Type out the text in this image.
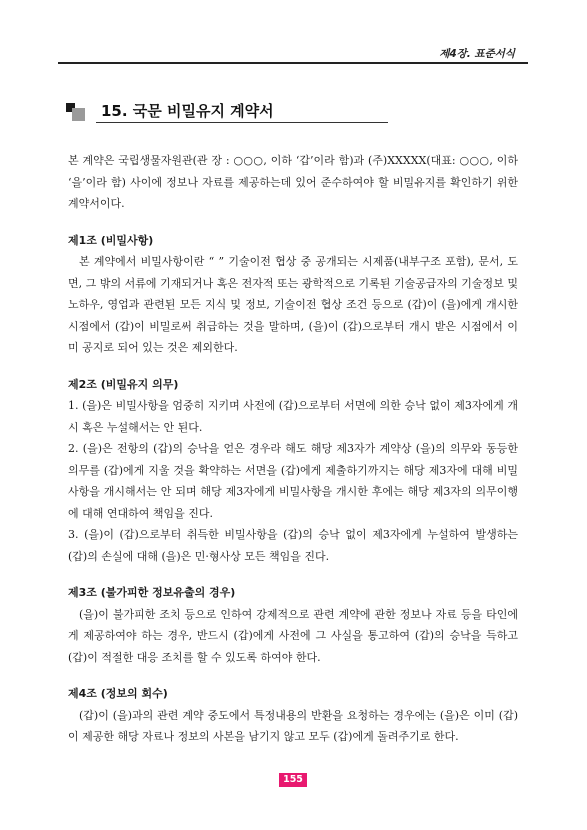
제4장. 표준서식
15. 국문 비밀유지 계약서

본 계약은 국립생물자원관(관 장 : ○○○, 이하 ‘갑’이라 함)과 (주)XXXXX(대표: ○○○, 이하 ‘을’이라 함) 사이에 정보나 자료를 제공하는데 있어 준수하여야 할 비밀유지를 확인하기 위한 계약서이다.

제1조 (비밀사항)

본 계약에서 비밀사항이란 “ ” 기술이전 협상 중 공개되는 시제품(내부구조 포함), 문서, 도면, 그 밖의 서류에 기재되거나 혹은 전자적 또는 광학적으로 기록된 기술공급자의 기술정보 및 노하우, 영업과 관련된 모든 지식 및 정보, 기술이전 협상 조건 등으로 (갑)이 (을)에게 개시한 시점에서 (갑)이 비밀로써 취급하는 것을 말하며, (을)이 (갑)으로부터 개시 받은 시점에서 이미 공지로 되어 있는 것은 제외한다.

제2조 (비밀유지 의무)

1. (을)은 비밀사항을 엄중히 지키며 사전에 (갑)으로부터 서면에 의한 승낙 없이 제3자에게 개시 혹은 누설해서는 안 된다.

2. (을)은 전항의 (갑)의 승낙을 얻은 경우라 해도 해당 제3자가 계약상 (을)의 의무와 동등한 의무를 (갑)에게 지울 것을 확약하는 서면을 (갑)에게 제출하기까지는 해당 제3자에 대해 비밀사항을 개시해서는 안 되며 해당 제3자에게 비밀사항을 개시한 후에는 해당 제3자의 의무이행에 대해 연대하여 책임을 진다.

3. (을)이 (갑)으로부터 취득한 비밀사항을 (갑)의 승낙 없이 제3자에게 누설하여 발생하는 (갑)의 손실에 대해 (을)은 민·형사상 모든 책임을 진다.

제3조 (불가피한 정보유출의 경우)

(을)이 불가피한 조치 등으로 인하여 강제적으로 관련 계약에 관한 정보나 자료 등을 타인에게 제공하여야 하는 경우, 반드시 (갑)에게 사전에 그 사실을 통고하여 (갑)의 승낙을 득하고 (갑)이 적절한 대응 조치를 할 수 있도록 하여야 한다.

제4조 (정보의 회수)

(갑)이 (을)과의 관련 계약 중도에서 특정내용의 반환을 요청하는 경우에는 (을)은 이미 (갑)이 제공한 해당 자료나 정보의 사본을 남기지 않고 모두 (갑)에게 돌려주기로 한다.

155
